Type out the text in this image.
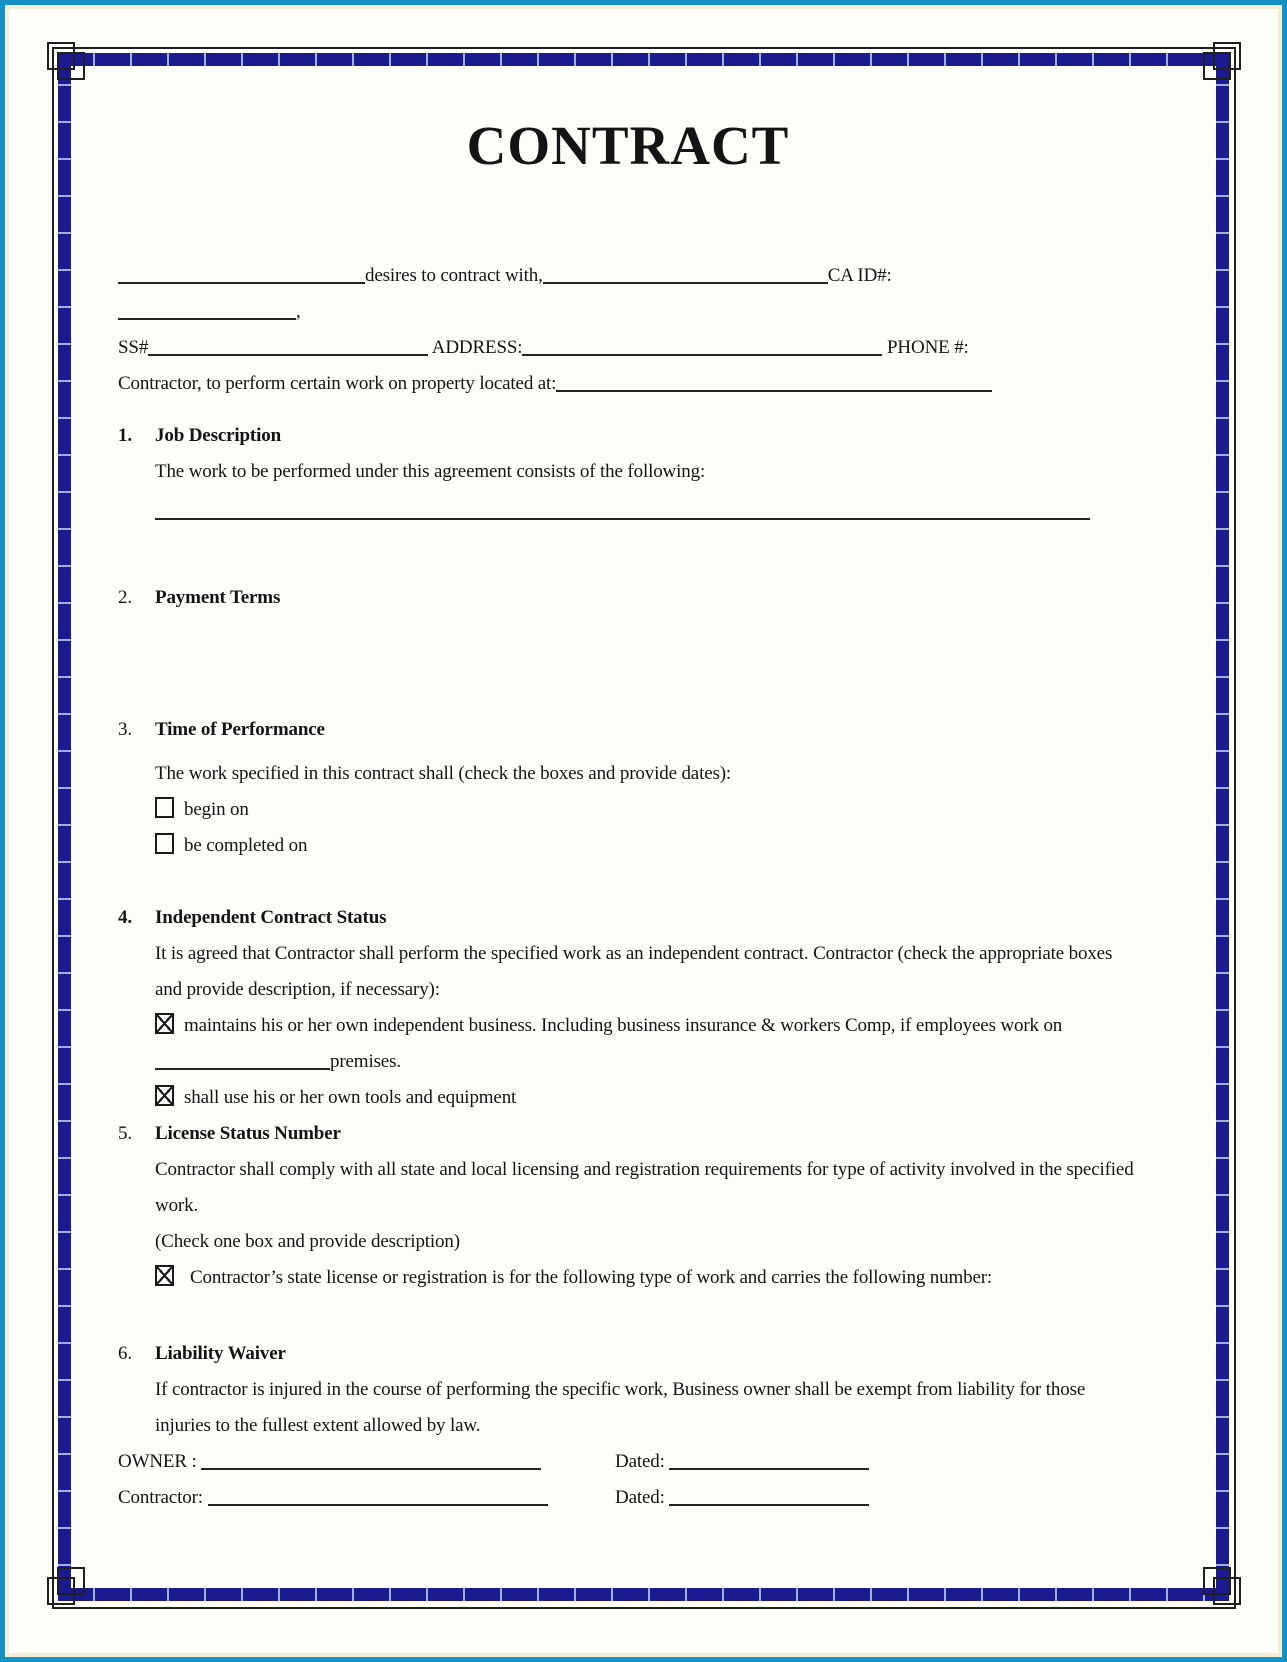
CONTRACT

desires to contract with,	CA ID#:

,

SS#	ADDRESS:	PHONE #:

Contractor, to perform certain work on property located at:

1. Job Description

The work to be performed under this agreement consists of the following:

2. Payment Terms

3. Time of Performance

The work specified in this contract shall (check the boxes and provide dates):

begin on

be completed on

4. Independent Contract Status

It is agreed that Contractor shall perform the specified work as an independent contract. Contractor (check the appropriate boxes and provide description, if necessary):

maintains his or her own independent business. Including business insurance & workers Comp, if employees work on premises.

shall use his or her own tools and equipment

5. License Status Number

Contractor shall comply with all state and local licensing and registration requirements for type of activity involved in the specified work.

(Check one box and provide description)

Contractor’s state license or registration is for the following type of work and carries the following number:

6. Liability Waiver

If contractor is injured in the course of performing the specific work, Business owner shall be exempt from liability for those injuries to the fullest extent allowed by law.

OWNER :	Dated:

Contractor:	Dated:
